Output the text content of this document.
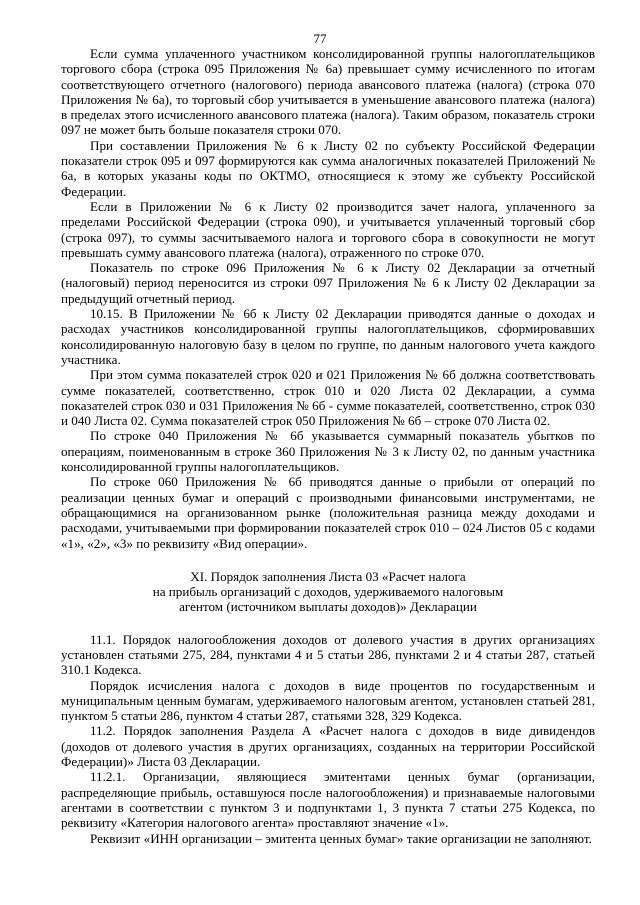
77

Если сумма уплаченного участником консолидированной группы налогоплательщиков торгового сбора (строка 095 Приложения № 6а) превышает сумму исчисленного по итогам соответствующего отчетного (налогового) периода авансового платежа (налога) (строка 070 Приложения № 6а), то торговый сбор учитывается в уменьшение авансового платежа (налога) в пределах этого исчисленного авансового платежа (налога). Таким образом, показатель строки 097 не может быть больше показателя строки 070.

При составлении Приложения № 6 к Листу 02 по субъекту Российской Федерации показатели строк 095 и 097 формируются как сумма аналогичных показателей Приложений № 6а, в которых указаны коды по ОКТМО, относящиеся к этому же субъекту Российской Федерации.

Если в Приложении № 6 к Листу 02 производится зачет налога, уплаченного за пределами Российской Федерации (строка 090), и учитывается уплаченный торговый сбор (строка 097), то суммы засчитываемого налога и торгового сбора в совокупности не могут превышать сумму авансового платежа (налога), отраженного по строке 070.

Показатель по строке 096 Приложения № 6 к Листу 02 Декларации за отчетный (налоговый) период переносится из строки 097 Приложения № 6 к Листу 02 Декларации за предыдущий отчетный период.

10.15. В Приложении № 6б к Листу 02 Декларации приводятся данные о доходах и расходах участников консолидированной группы налогоплательщиков, сформировавших консолидированную налоговую базу в целом по группе, по данным налогового учета каждого участника.

При этом сумма показателей строк 020 и 021 Приложения № 6б должна соответствовать сумме показателей, соответственно, строк 010 и 020 Листа 02 Декларации, а сумма показателей строк 030 и 031 Приложения № 6б - сумме показателей, соответственно, строк 030 и 040 Листа 02. Сумма показателей строк 050 Приложения № 6б – строке 070 Листа 02.

По строке 040 Приложения № 6б указывается суммарный показатель убытков по операциям, поименованным в строке 360 Приложения № 3 к Листу 02, по данным участника консолидированной группы налогоплательщиков.

По строке 060 Приложения № 6б приводятся данные о прибыли от операций по реализации ценных бумаг и операций с производными финансовыми инструментами, не обращающимися на организованном рынке (положительная разница между доходами и расходами, учитываемыми при формировании показателей строк 010 – 024 Листов 05 с кодами «1», «2», «3» по реквизиту «Вид операции».

XI. Порядок заполнения Листа 03 «Расчет налога
на прибыль организаций с доходов, удерживаемого налоговым
агентом (источником выплаты доходов)» Декларации

11.1. Порядок налогообложения доходов от долевого участия в других организациях установлен статьями 275, 284, пунктами 4 и 5 статьи 286, пунктами 2 и 4 статьи 287, статьей 310.1 Кодекса.

Порядок исчисления налога с доходов в виде процентов по государственным и муниципальным ценным бумагам, удерживаемого налоговым агентом, установлен статьей 281, пунктом 5 статьи 286, пунктом 4 статьи 287, статьями 328, 329 Кодекса.

11.2. Порядок заполнения Раздела А «Расчет налога с доходов в виде дивидендов (доходов от долевого участия в других организациях, созданных на территории Российской Федерации)» Листа 03 Декларации.

11.2.1. Организации, являющиеся эмитентами ценных бумаг (организации, распределяющие прибыль, оставшуюся после налогообложения) и признаваемые налоговыми агентами в соответствии с пунктом 3 и подпунктами 1, 3 пункта 7 статьи 275 Кодекса, по реквизиту «Категория налогового агента» проставляют значение «1».

Реквизит «ИНН организации – эмитента ценных бумаг» такие организации не заполняют.
